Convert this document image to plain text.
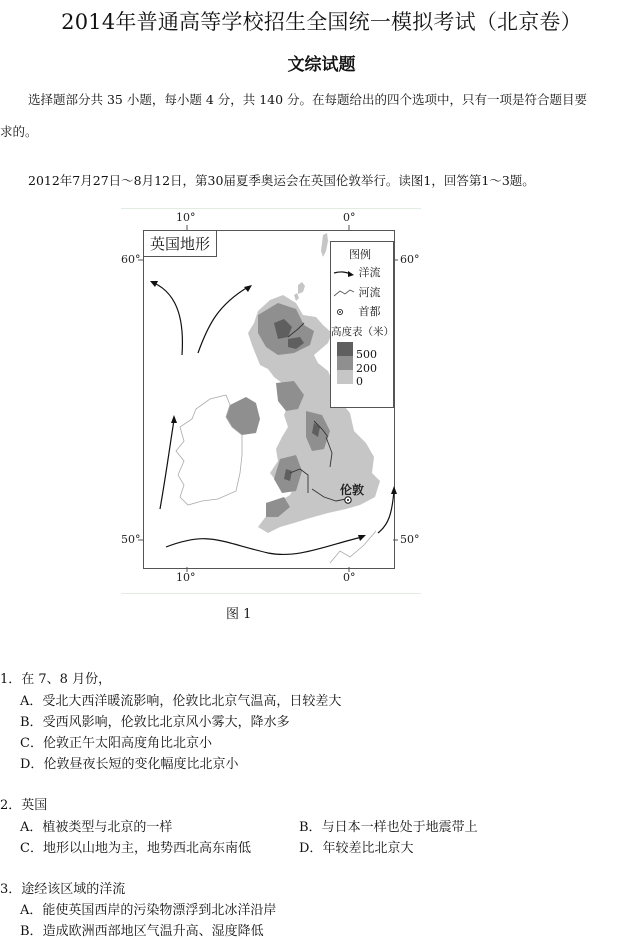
2014年普通高等学校招生全国统一模拟考试（北京卷）
文综试题
选择题部分共 35 小题，每小题 4 分，共 140 分。在每题给出的四个选项中，只有一项是符合题目要
求的。
2012年7月27日～8月12日，第30届夏季奥运会在英国伦敦举行。读图1，回答第1～3题。
10°	0°
英国地形
60°	60°
50°	50°
伦敦
图例
洋流
河流
首都
高度表（米）
500
200
0
10°	0°
图 1
1．在 7、8 月份，
A．受北大西洋暖流影响，伦敦比北京气温高，日较差大
B．受西风影响，伦敦比北京风小雾大，降水多
C．伦敦正午太阳高度角比北京小
D．伦敦昼夜长短的变化幅度比北京小
2．英国
A．植被类型与北京的一样	B．与日本一样也处于地震带上
C．地形以山地为主，地势西北高东南低	D．年较差比北京大
3．途经该区域的洋流
A．能使英国西岸的污染物漂浮到北冰洋沿岸
B．造成欧洲西部地区气温升高、湿度降低
